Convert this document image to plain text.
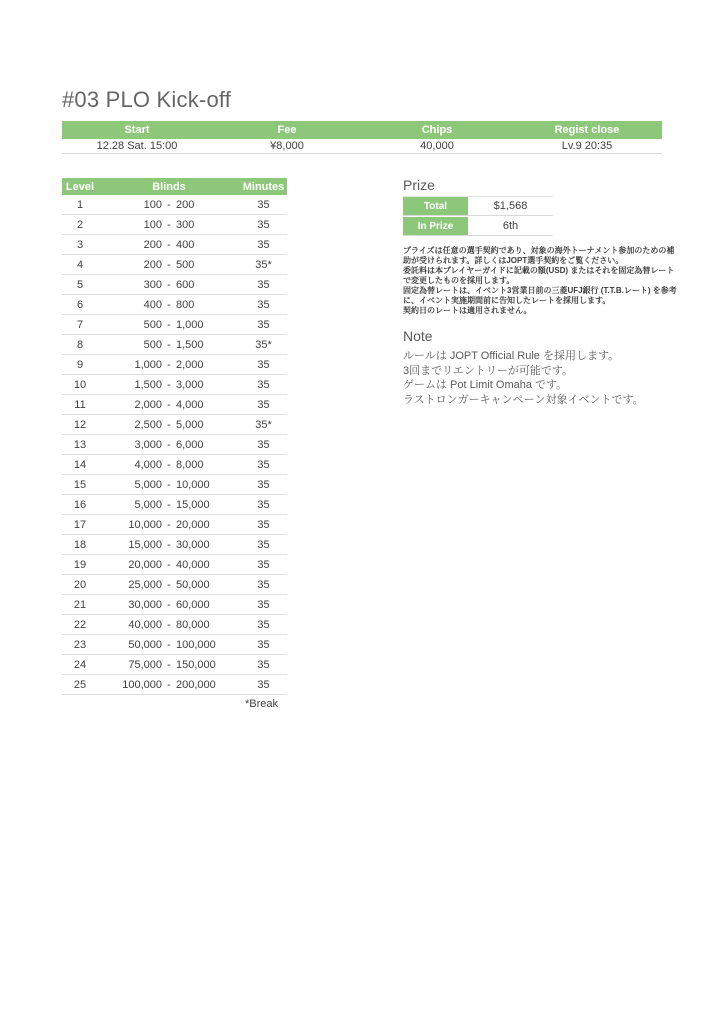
#03 PLO Kick-off
Start	Fee	Chips	Regist close
12.28 Sat. 15:00	¥8,000	40,000	Lv.9 20:35
Level	Blinds	Minutes
1	100 - 200	35
2	100 - 300	35
3	200 - 400	35
4	200 - 500	35*
5	300 - 600	35
6	400 - 800	35
7	500 - 1,000	35
8	500 - 1,500	35*
9	1,000 - 2,000	35
10	1,500 - 3,000	35
11	2,000 - 4,000	35
12	2,500 - 5,000	35*
13	3,000 - 6,000	35
14	4,000 - 8,000	35
15	5,000 - 10,000	35
16	5,000 - 15,000	35
17	10,000 - 20,000	35
18	15,000 - 30,000	35
19	20,000 - 40,000	35
20	25,000 - 50,000	35
21	30,000 - 60,000	35
22	40,000 - 80,000	35
23	50,000 - 100,000	35
24	75,000 - 150,000	35
25	100,000 - 200,000	35
*Break
Prize
Total	$1,568
In Prize	6th
プライズは任意の選手契約であり、対象の海外トーナメント参加のための補助が受けられます。詳しくはJOPT選手契約をご覧ください。
委託料は本プレイヤーガイドに記載の額(USD) またはそれを固定為替レートで変更したものを採用します。
固定為替レートは、イベント3営業日前の三菱UFJ銀行 (T.T.B.レート) を参考に、イベント実施期間前に告知したレートを採用します。
契約日のレートは適用されません。
Note
ルールは JOPT Official Rule を採用します。
3回までリエントリーが可能です。
ゲームは Pot Limit Omaha です。
ラストロンガーキャンペーン対象イベントです。
